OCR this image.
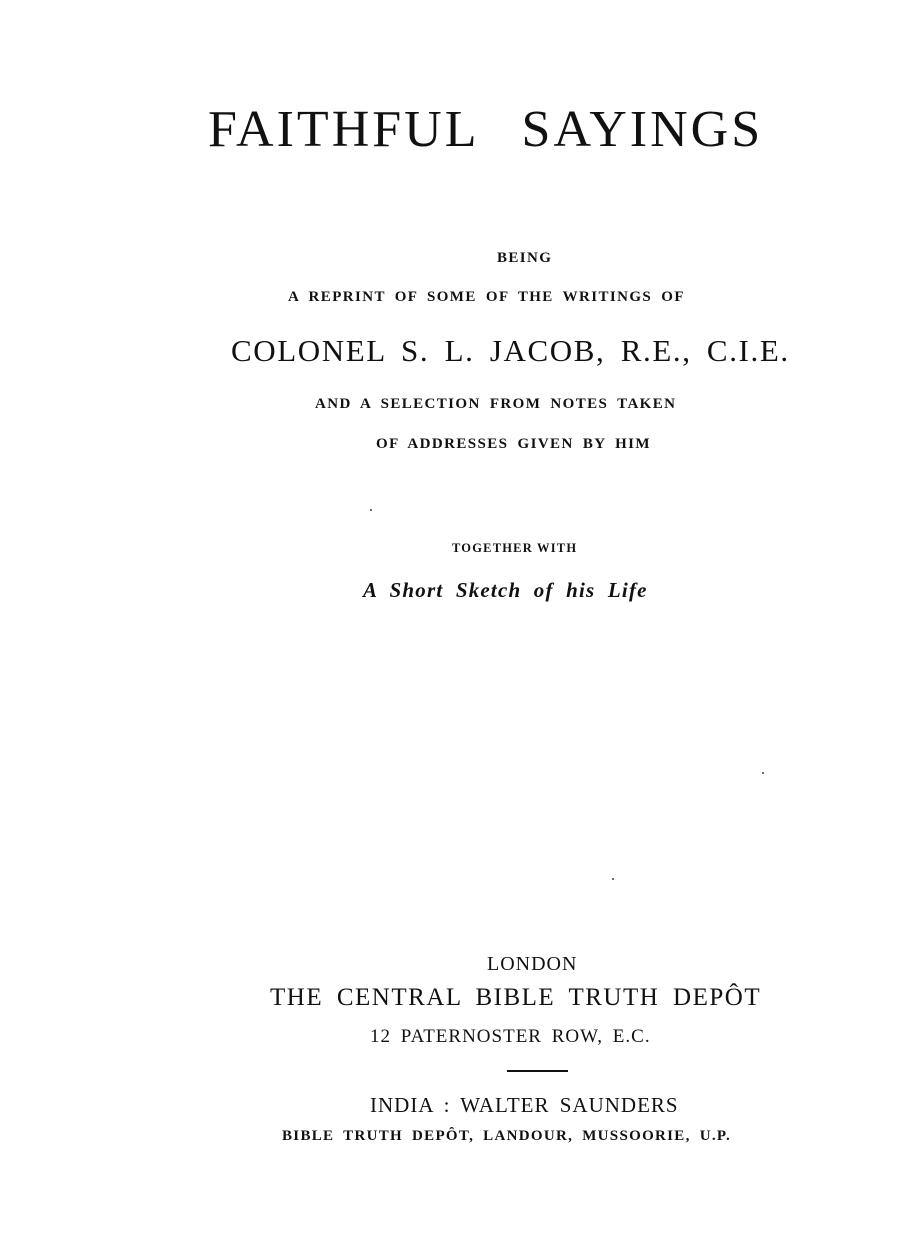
FAITHFUL SAYINGS
BEING
A REPRINT OF SOME OF THE WRITINGS OF
COLONEL S. L. JACOB, R.E., C.I.E.
AND A SELECTION FROM NOTES TAKEN
OF ADDRESSES GIVEN BY HIM
TOGETHER WITH
A Short Sketch of his Life
LONDON
THE CENTRAL BIBLE TRUTH DEPÔT
12 PATERNOSTER ROW, E.C.
INDIA : WALTER SAUNDERS
BIBLE TRUTH DEPÔT, LANDOUR, MUSSOORIE, U.P.
